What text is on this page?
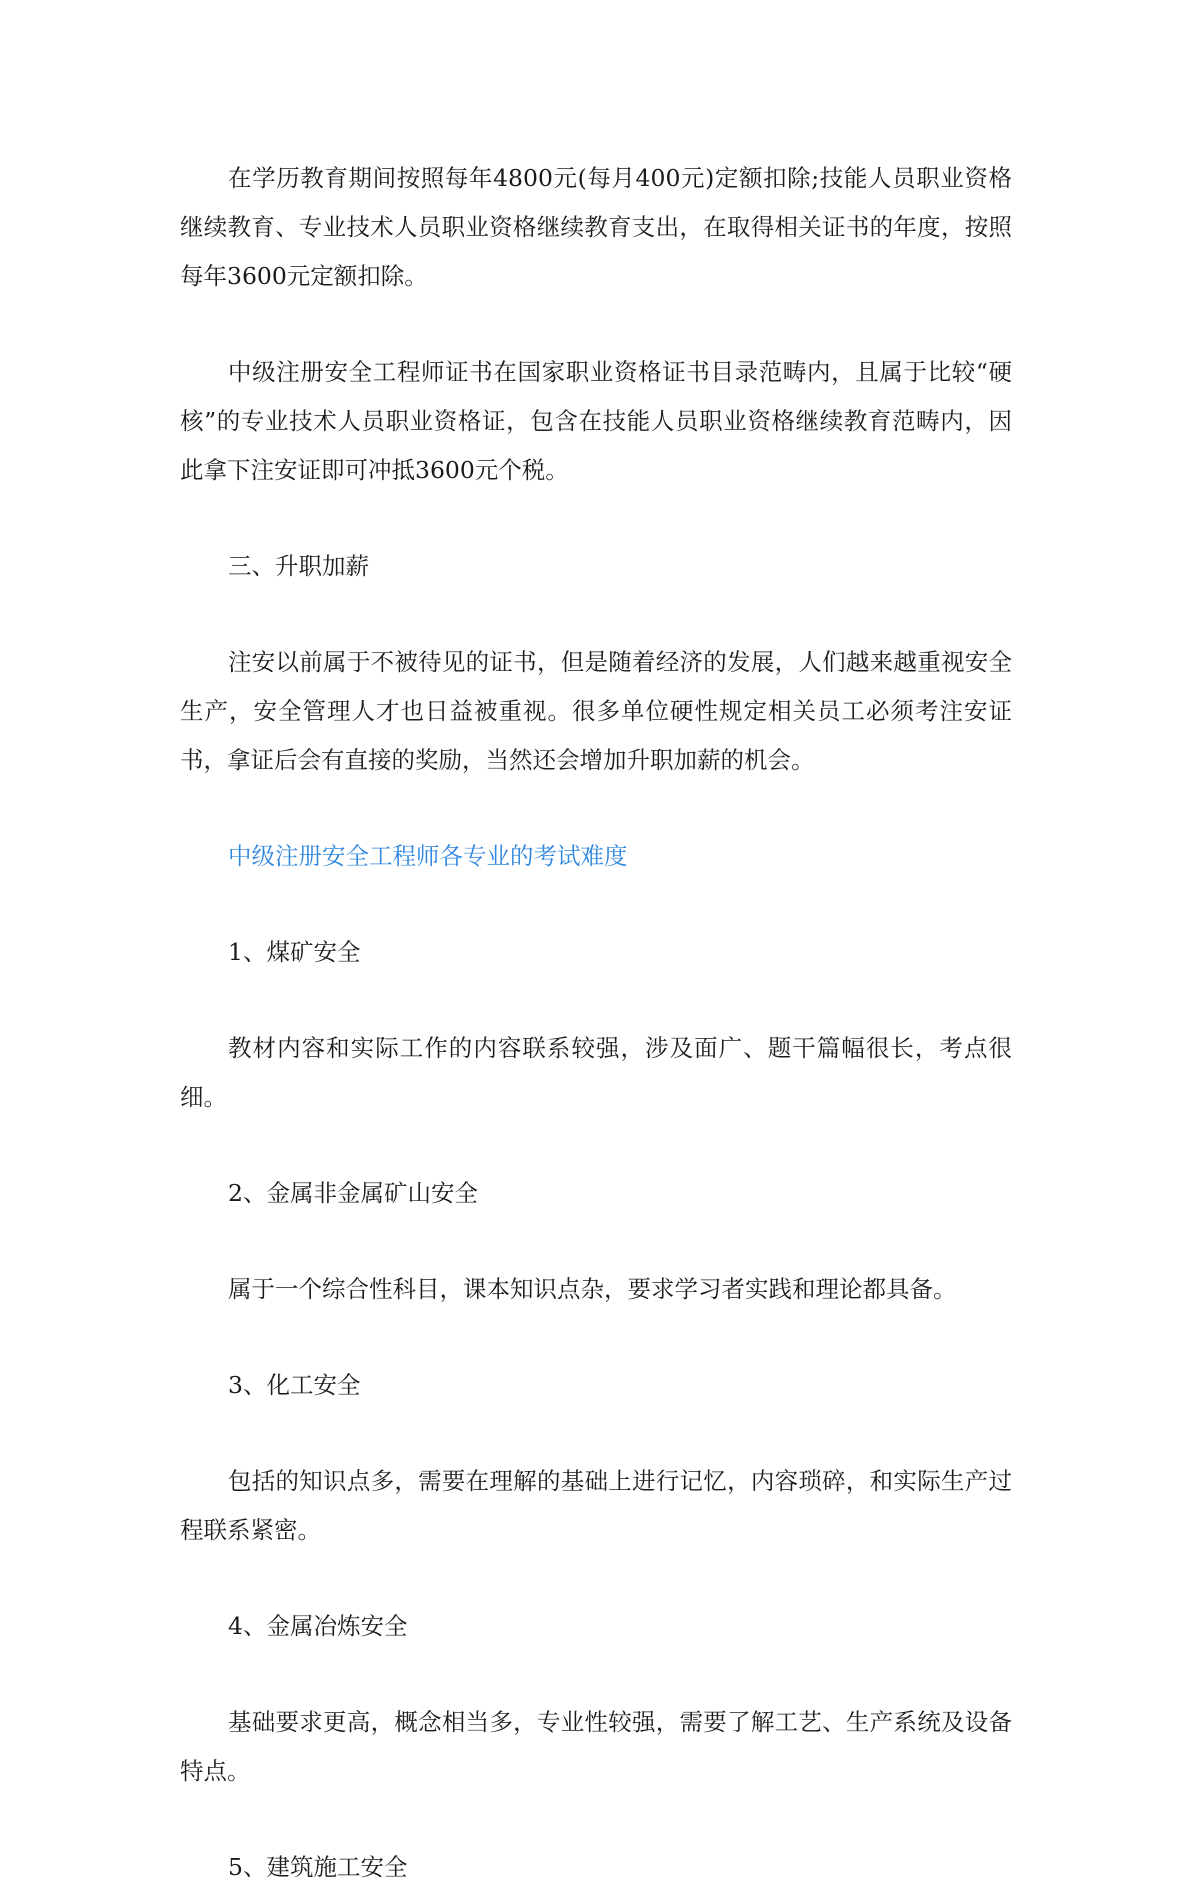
在学历教育期间按照每年4800元(每月400元)定额扣除;技能人员职业资格继续教育、专业技术人员职业资格继续教育支出，在取得相关证书的年度，按照每年3600元定额扣除。

中级注册安全工程师证书在国家职业资格证书目录范畴内，且属于比较“硬核”的专业技术人员职业资格证，包含在技能人员职业资格继续教育范畴内，因此拿下注安证即可冲抵3600元个税。

三、升职加薪

注安以前属于不被待见的证书，但是随着经济的发展，人们越来越重视安全生产，安全管理人才也日益被重视。很多单位硬性规定相关员工必须考注安证书，拿证后会有直接的奖励，当然还会增加升职加薪的机会。

中级注册安全工程师各专业的考试难度

1、煤矿安全

教材内容和实际工作的内容联系较强，涉及面广、题干篇幅很长，考点很细。

2、金属非金属矿山安全

属于一个综合性科目，课本知识点杂，要求学习者实践和理论都具备。

3、化工安全

包括的知识点多，需要在理解的基础上进行记忆，内容琐碎，和实际生产过程联系紧密。

4、金属冶炼安全

基础要求更高，概念相当多，专业性较强，需要了解工艺、生产系统及设备特点。

5、建筑施工安全
